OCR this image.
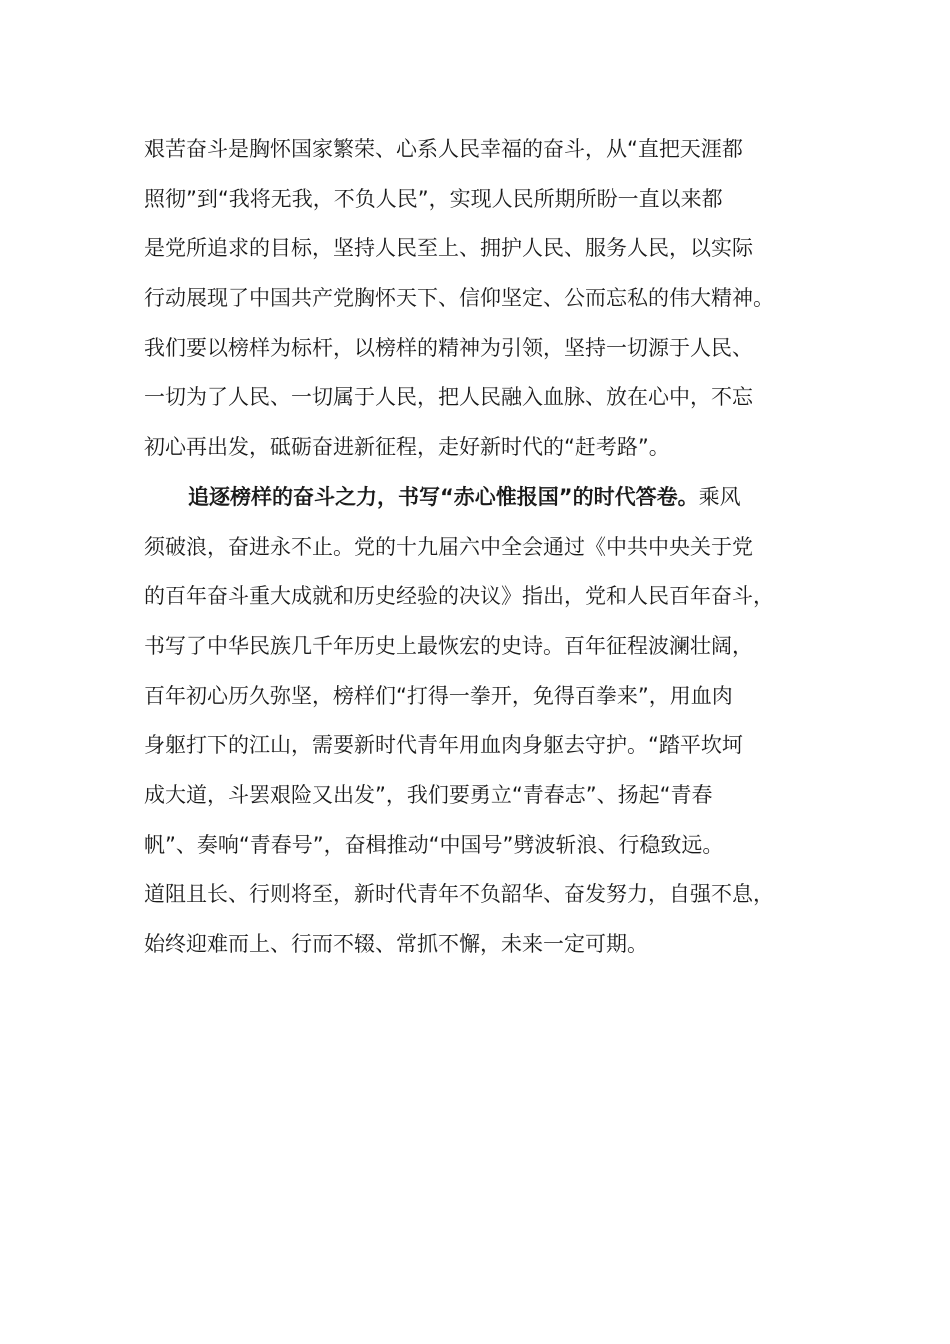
艰苦奋斗是胸怀国家繁荣、心系人民幸福的奋斗，从“直把天涯都
照彻”到“我将无我，不负人民”，实现人民所期所盼一直以来都
是党所追求的目标，坚持人民至上、拥护人民、服务人民，以实际
行动展现了中国共产党胸怀天下、信仰坚定、公而忘私的伟大精神。
我们要以榜样为标杆，以榜样的精神为引领，坚持一切源于人民、
一切为了人民、一切属于人民，把人民融入血脉、放在心中，不忘
初心再出发，砥砺奋进新征程，走好新时代的“赶考路”。
追逐榜样的奋斗之力，书写“赤心惟报国”的时代答卷。乘风
须破浪，奋进永不止。党的十九届六中全会通过《中共中央关于党
的百年奋斗重大成就和历史经验的决议》指出，党和人民百年奋斗，
书写了中华民族几千年历史上最恢宏的史诗。百年征程波澜壮阔，
百年初心历久弥坚，榜样们“打得一拳开，免得百拳来”，用血肉
身躯打下的江山，需要新时代青年用血肉身躯去守护。“踏平坎坷
成大道，斗罢艰险又出发”，我们要勇立“青春志”、扬起“青春
帆”、奏响“青春号”，奋楫推动“中国号”劈波斩浪、行稳致远。
道阻且长、行则将至，新时代青年不负韶华、奋发努力，自强不息，
始终迎难而上、行而不辍、常抓不懈，未来一定可期。
